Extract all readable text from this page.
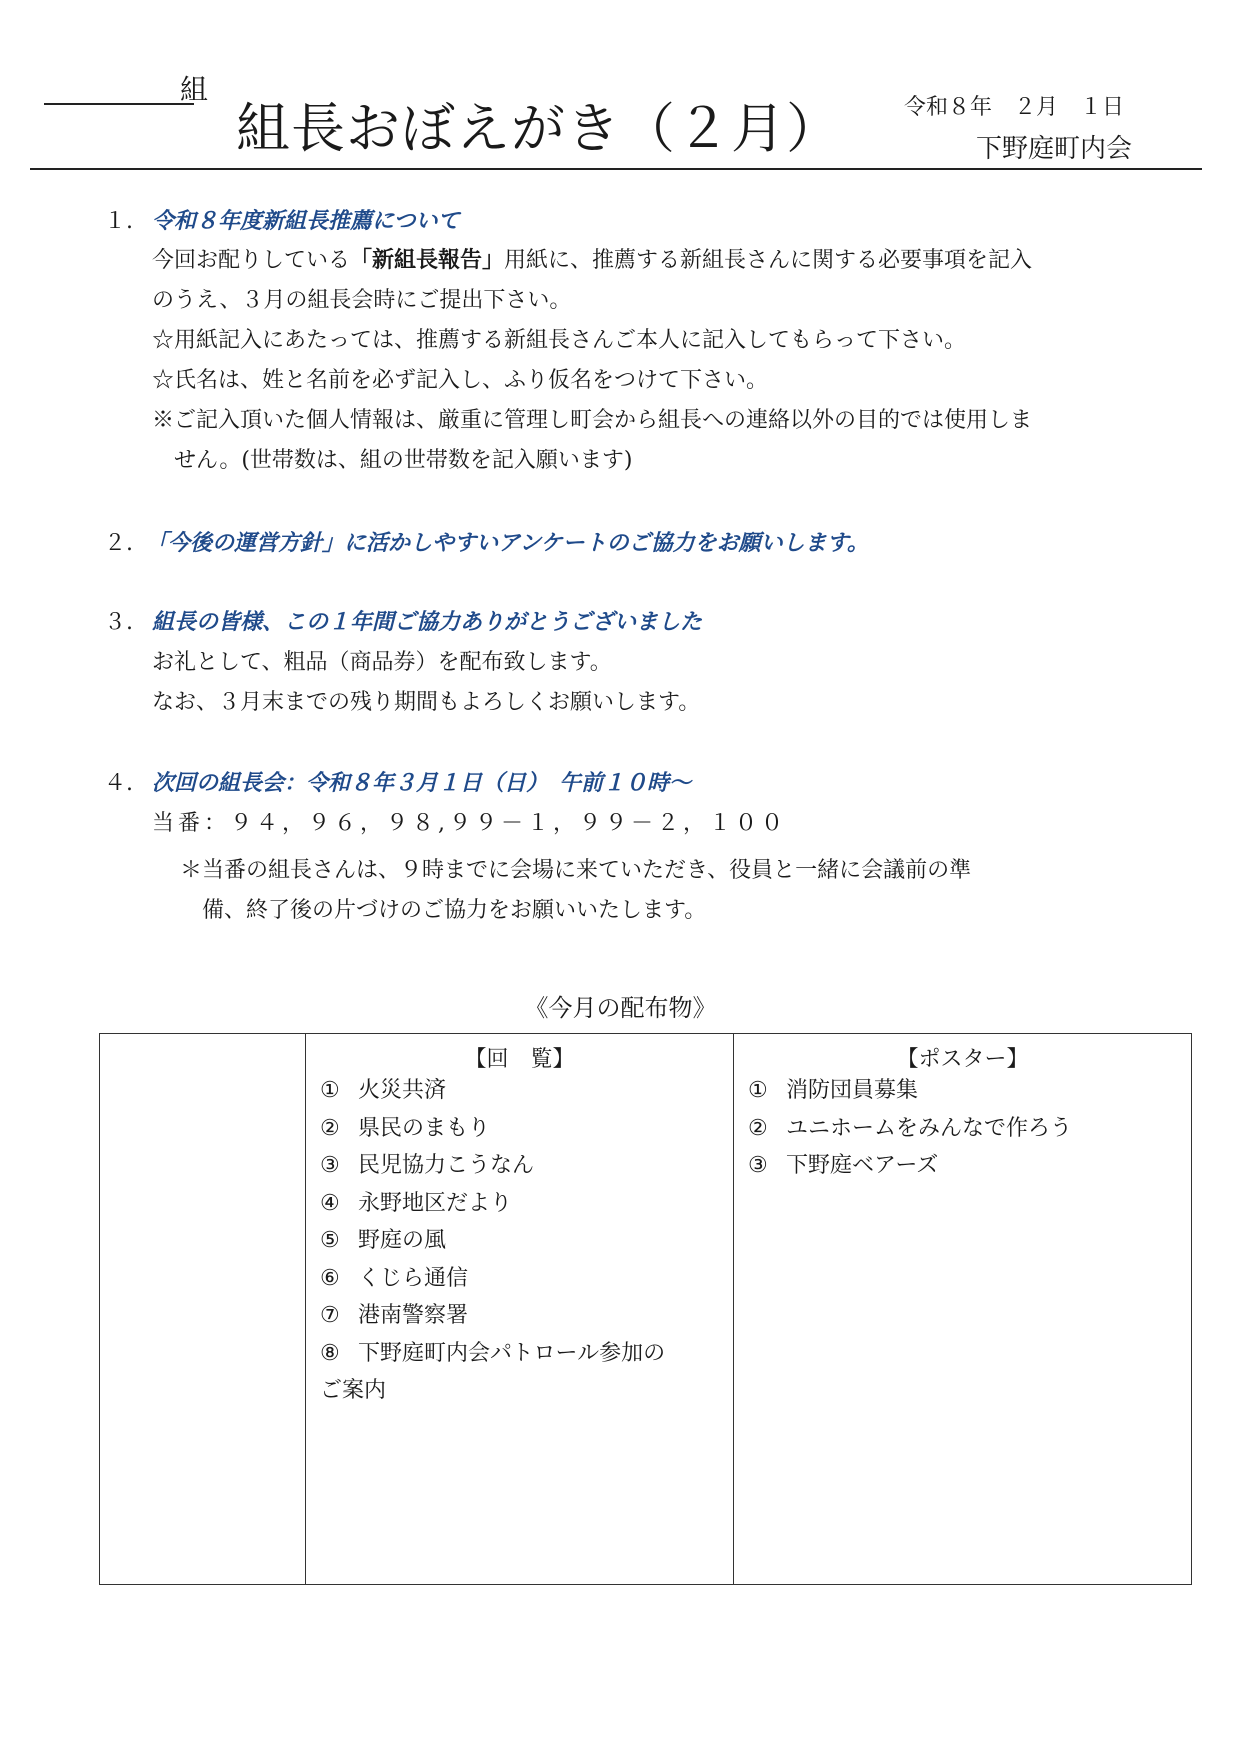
組
組長おぼえがき（２月）	令和８年　２月　１日
下野庭町内会
１. 令和８年度新組長推薦について
今回お配りしている「新組長報告」用紙に、推薦する新組長さんに関する必要事項を記入
のうえ、３月の組長会時にご提出下さい。
☆用紙記入にあたっては、推薦する新組長さんご本人に記入してもらって下さい。
☆氏名は、姓と名前を必ず記入し、ふり仮名をつけて下さい。
※ご記入頂いた個人情報は、厳重に管理し町会から組長への連絡以外の目的では使用しま
せん。(世帯数は、組の世帯数を記入願います)
２. 「今後の運営方針」に活かしやすいアンケートのご協力をお願いします。
３. 組長の皆様、この１年間ご協力ありがとうございました
お礼として、粗品（商品券）を配布致します。
なお、３月末までの残り期間もよろしくお願いします。
４. 次回の組長会：令和８年３月１日（日）　午前１０時～
当番：９４，９６，９８,９９－１，９９－２，１００
＊当番の組長さんは、９時までに会場に来ていただき、役員と一緒に会議前の準
備、終了後の片づけのご協力をお願いいたします。
《今月の配布物》

【回　覧】
① 火災共済
② 県民のまもり
③ 民児協力こうなん
④ 永野地区だより
⑤ 野庭の風
⑥ くじら通信
⑦ 港南警察署
⑧ 下野庭町内会パトロール参加の
ご案内

【ポスター】
① 消防団員募集
② ユニホームをみんなで作ろう
③ 下野庭ベアーズ
